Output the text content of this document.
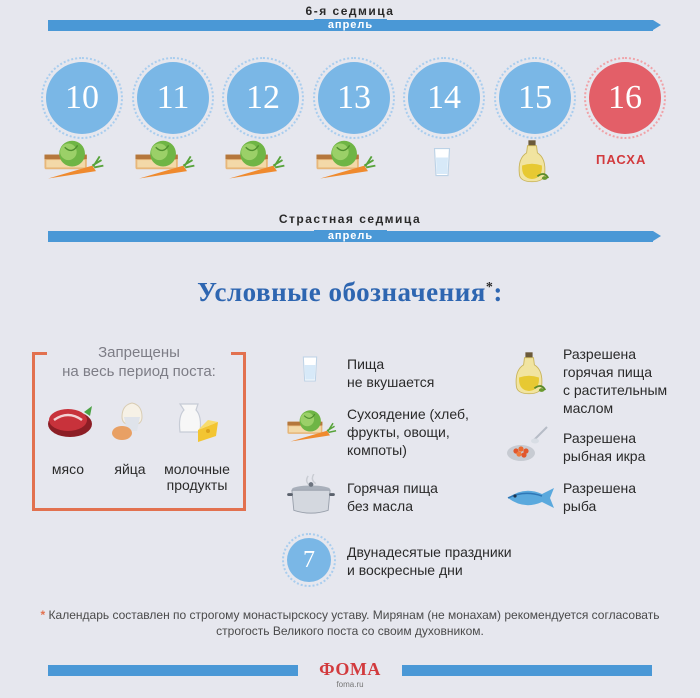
6-я седмица
апрель
10 11 12 13 14 15 16
ПАСХА
Страстная седмица
апрель
Условные обозначения*:
Запрещены
на весь период поста:
мясо	яйца	молочные
продукты
Пища
не вкушается
Сухоядение (хлеб,
фрукты, овощи,
компоты)
Горячая пища
без масла
7 Двунадесятые праздники
и воскресные дни
Разрешена
горячая пища
с растительным
маслом
Разрешена
рыбная икра
Разрешена
рыба
* Календарь составлен по строгому монастырскосу уставу. Мирянам (не монахам) рекомендуется согласовать строгость Великого поста со своим духовником.
ФОМА
foma.ru
